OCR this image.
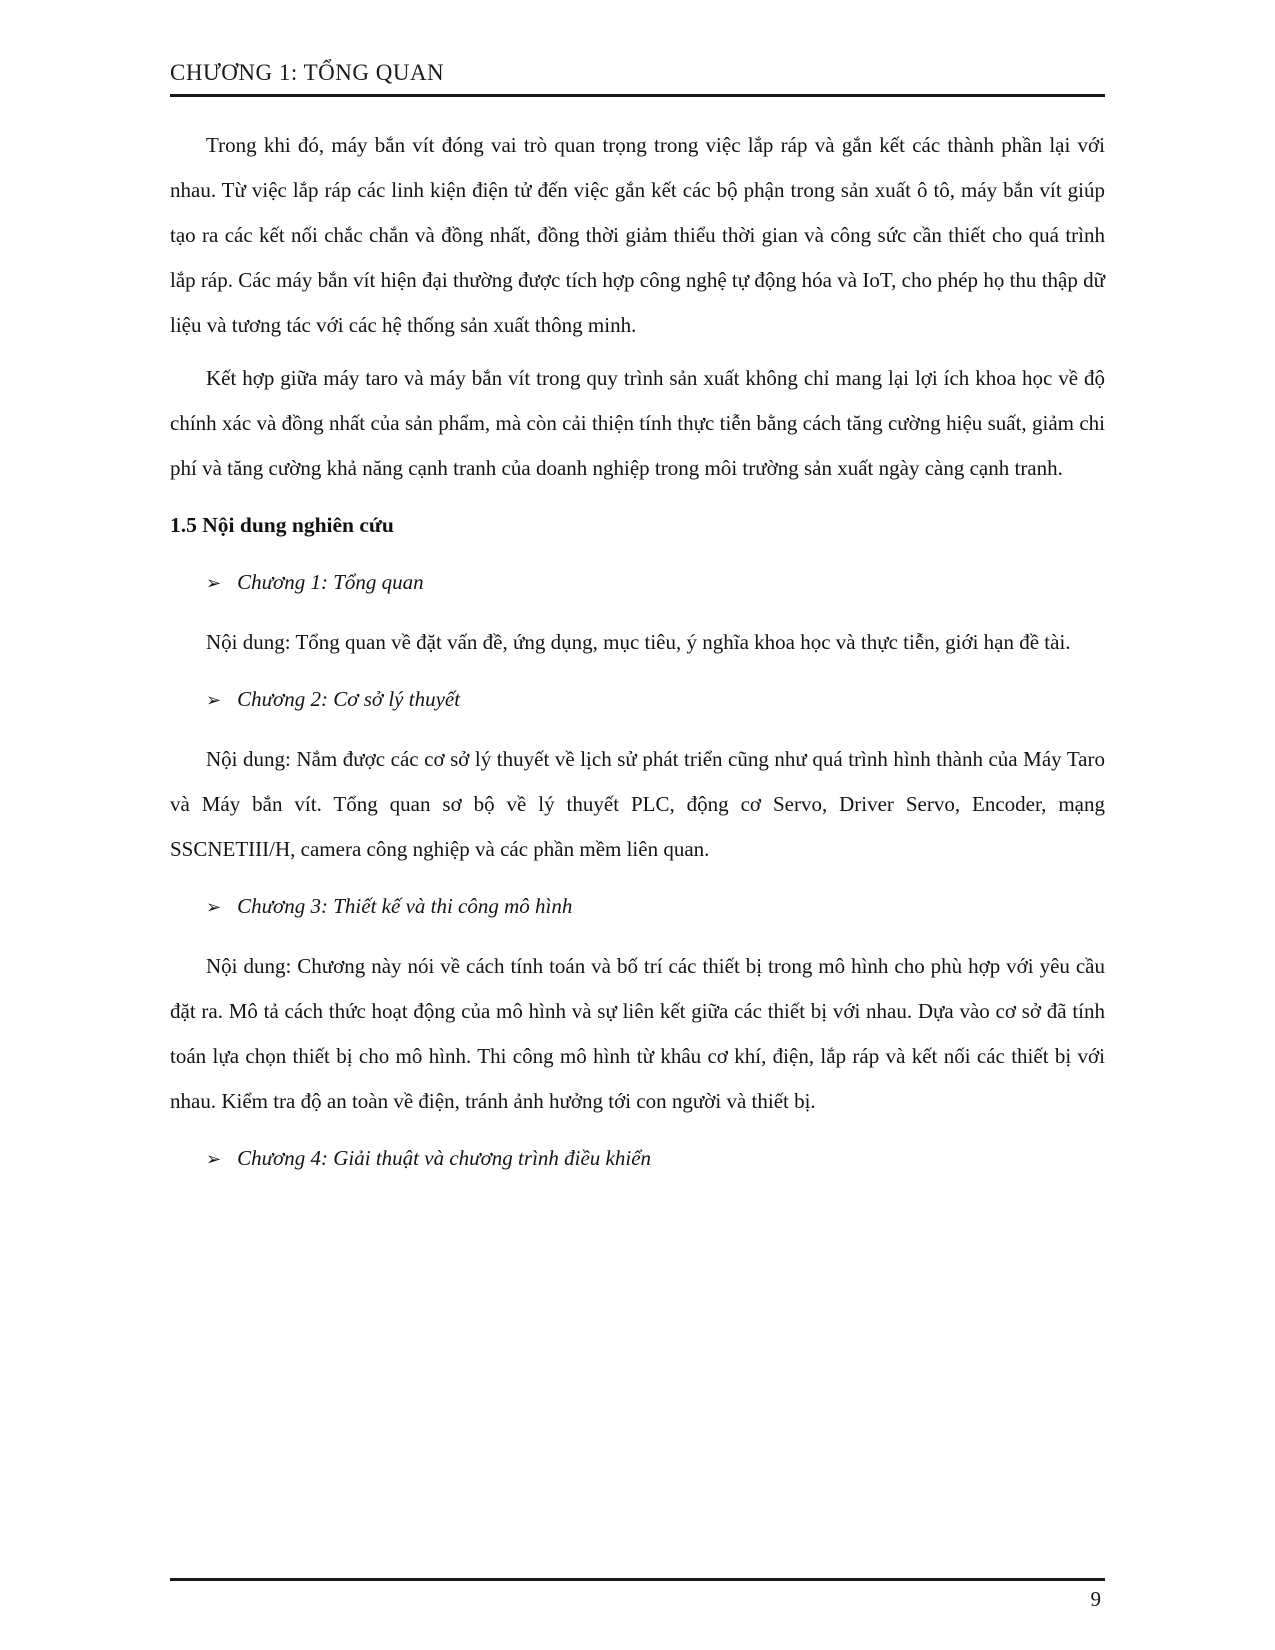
CHƯƠNG 1: TỔNG QUAN

Trong khi đó, máy bắn vít đóng vai trò quan trọng trong việc lắp ráp và gắn kết các thành phần lại với nhau. Từ việc lắp ráp các linh kiện điện tử đến việc gắn kết các bộ phận trong sản xuất ô tô, máy bắn vít giúp tạo ra các kết nối chắc chắn và đồng nhất, đồng thời giảm thiểu thời gian và công sức cần thiết cho quá trình lắp ráp. Các máy bắn vít hiện đại thường được tích hợp công nghệ tự động hóa và IoT, cho phép họ thu thập dữ liệu và tương tác với các hệ thống sản xuất thông minh.

Kết hợp giữa máy taro và máy bắn vít trong quy trình sản xuất không chỉ mang lại lợi ích khoa học về độ chính xác và đồng nhất của sản phẩm, mà còn cải thiện tính thực tiễn bằng cách tăng cường hiệu suất, giảm chi phí và tăng cường khả năng cạnh tranh của doanh nghiệp trong môi trường sản xuất ngày càng cạnh tranh.

1.5 Nội dung nghiên cứu
➢ Chương 1: Tổng quan

Nội dung: Tổng quan về đặt vấn đề, ứng dụng, mục tiêu, ý nghĩa khoa học và thực tiễn, giới hạn đề tài.

➢ Chương 2: Cơ sở lý thuyết

Nội dung: Nắm được các cơ sở lý thuyết về lịch sử phát triển cũng như quá trình hình thành của Máy Taro và Máy bắn vít. Tổng quan sơ bộ về lý thuyết PLC, động cơ Servo, Driver Servo, Encoder, mạng SSCNETIII/H, camera công nghiệp và các phần mềm liên quan.

➢ Chương 3: Thiết kế và thi công mô hình

Nội dung: Chương này nói về cách tính toán và bố trí các thiết bị trong mô hình cho phù hợp với yêu cầu đặt ra. Mô tả cách thức hoạt động của mô hình và sự liên kết giữa các thiết bị với nhau. Dựa vào cơ sở đã tính toán lựa chọn thiết bị cho mô hình. Thi công mô hình từ khâu cơ khí, điện, lắp ráp và kết nối các thiết bị với nhau. Kiểm tra độ an toàn về điện, tránh ảnh hưởng tới con người và thiết bị.

➢ Chương 4: Giải thuật và chương trình điều khiển
9
